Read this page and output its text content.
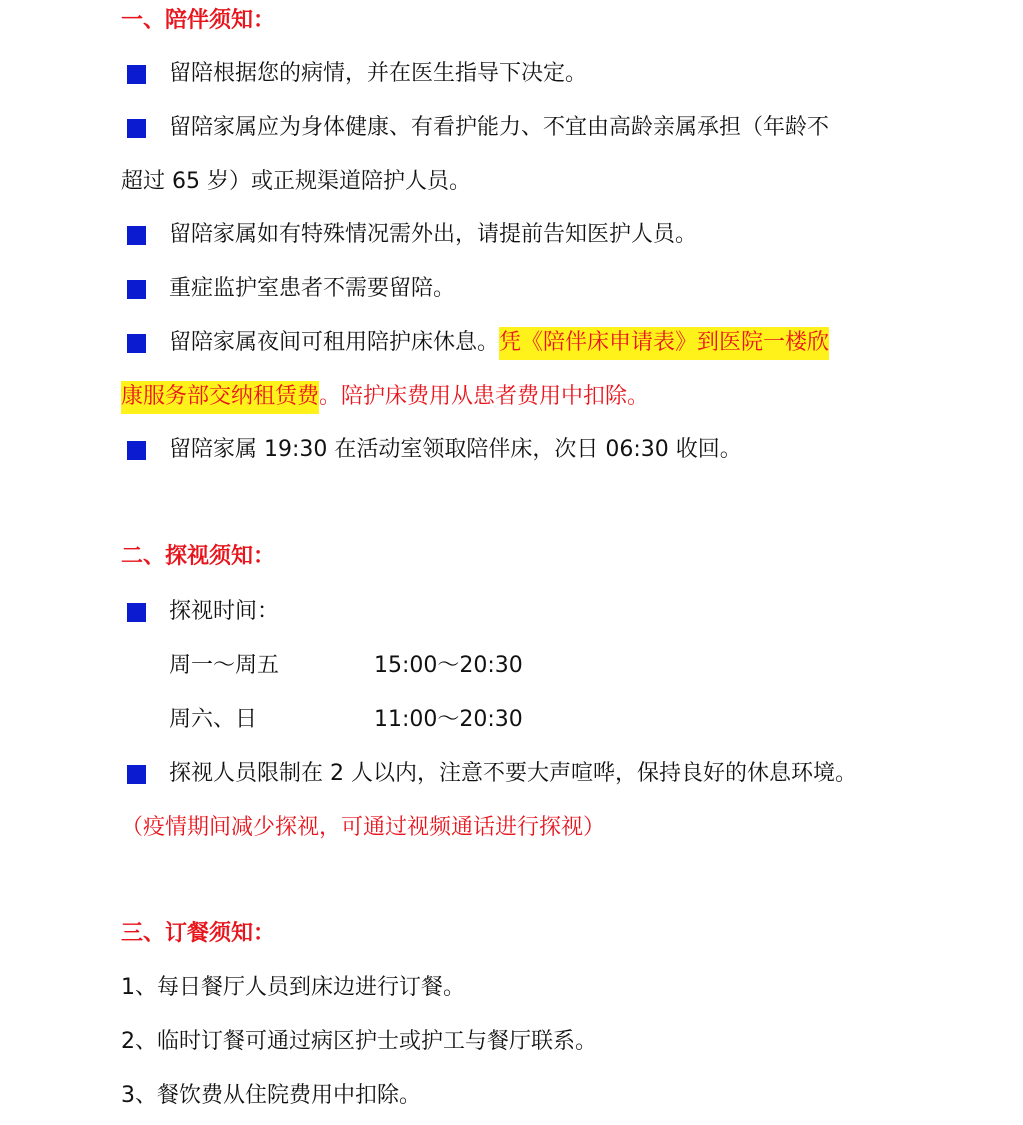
一、陪伴须知：
留陪根据您的病情，并在医生指导下决定。
留陪家属应为身体健康、有看护能力、不宜由高龄亲属承担（年龄不
超过 65 岁）或正规渠道陪护人员。
留陪家属如有特殊情况需外出，请提前告知医护人员。
重症监护室患者不需要留陪。
留陪家属夜间可租用陪护床休息。凭《陪伴床申请表》到医院一楼欣
康服务部交纳租赁费。陪护床费用从患者费用中扣除。
留陪家属 19:30 在活动室领取陪伴床，次日 06:30 收回。
二、探视须知：
探视时间：
周一～周五	15:00～20:30
周六、日	11:00～20:30
探视人员限制在 2 人以内，注意不要大声喧哗，保持良好的休息环境。
（疫情期间减少探视，可通过视频通话进行探视）
三、订餐须知：
1、每日餐厅人员到床边进行订餐。
2、临时订餐可通过病区护士或护工与餐厅联系。
3、餐饮费从住院费用中扣除。
